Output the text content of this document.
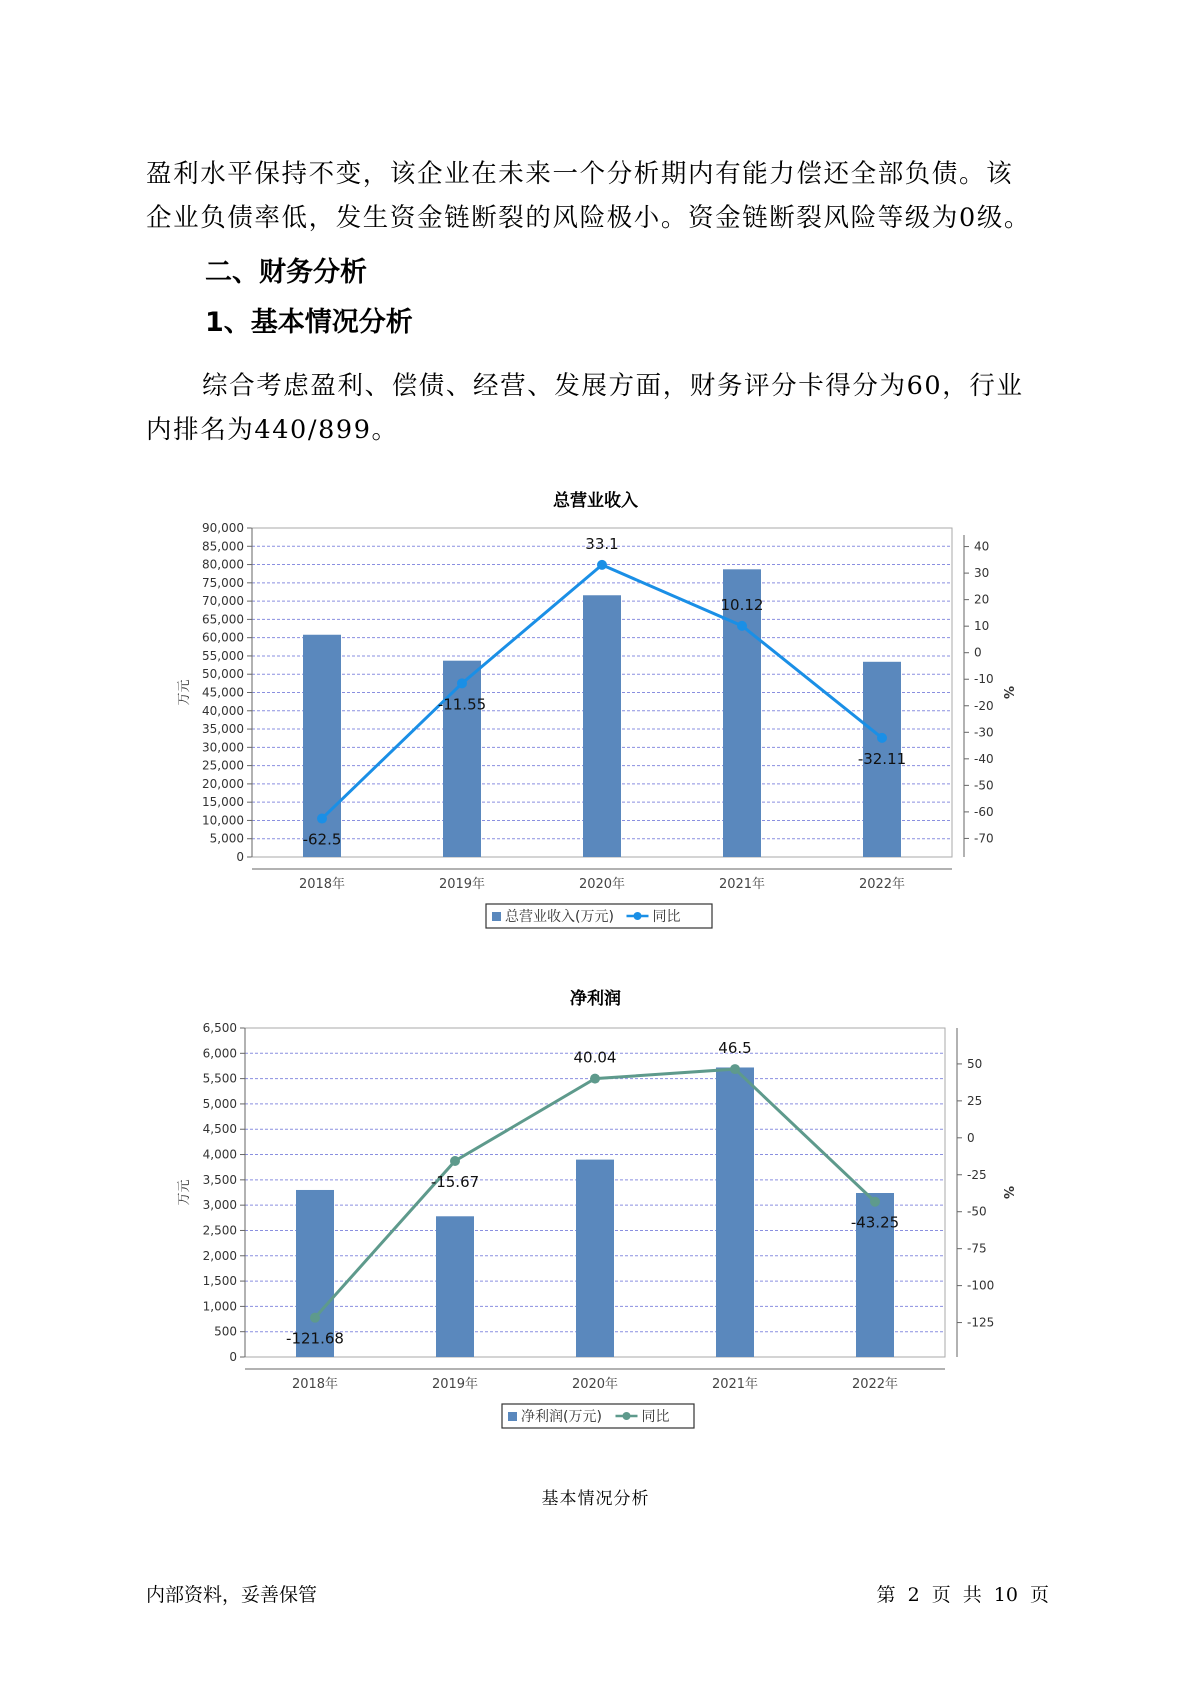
盈利水平保持不变，该企业在未来一个分析期内有能力偿还全部负债。该

企业负债率低，发生资金链断裂的风险极小。资金链断裂风险等级为0级。

二、财务分析
1、基本情况分析

综合考虑盈利、偿债、经营、发展方面，财务评分卡得分为60，行业

内排名为440/899。

总营业收入
0
5,000
10,000
15,000
20,000
25,000
30,000
35,000
40,000
45,000
50,000
55,000
60,000
65,000
70,000
75,000
80,000
85,000
90,000
40
30
20
10
0
-10
-20
-30
-40
-50
-60
-70
万元	%
2018年	2019年	2020年	2021年	2022年
-62.5
-11.55
33.1
10.12
-32.11
总营业收入(万元)	同比
净利润
0
500
1,000
1,500
2,000
2,500
3,000
3,500
4,000
4,500
5,000
5,500
6,000
6,500
50
25
0
-25
-50
-75
-100
-125
万元	%
2018年	2019年	2020年	2021年	2022年
-121.68
-15.67
40.04
46.5
-43.25
净利润(万元)	同比
基本情况分析
内部资料，妥善保管	第 2 页 共 10 页
